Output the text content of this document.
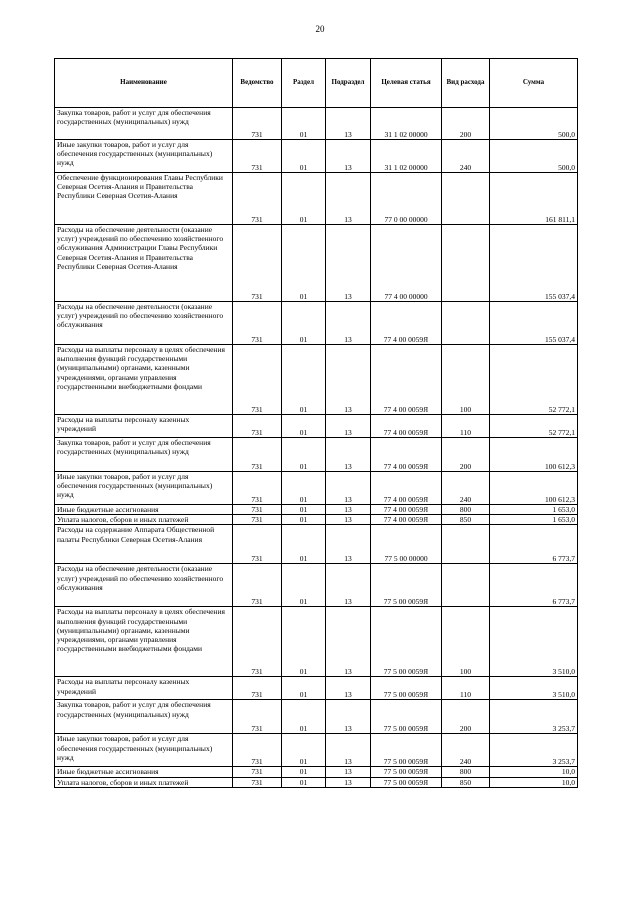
20
Наименование	Ведомство	Раздел	Подраздел	Целевая статья	Вид расхода	Сумма
Закупка товаров, работ и услуг для обеспечения государственных (муниципальных) нужд	731	01	13	31 1 02 00000	200	500,0
Иные закупки товаров, работ и услуг для обеспечения государственных (муниципальных) нужд	731	01	13	31 1 02 00000	240	500,0
Обеспечение функционирования Главы Республики Северная Осетия-Алания и Правительства Республики Северная Осетия-Алания	731	01	13	77 0 00 00000		161 811,1
Расходы на обеспечение деятельности (оказание услуг) учреждений по обеспечению хозяйственного обслуживания Администрации Главы Республики Северная Осетия-Алания и Правительства Республики Северная Осетия-Алания	731	01	13	77 4 00 00000		155 037,4
Расходы на обеспечение деятельности (оказание услуг) учреждений по обеспечению хозяйственного обслуживания	731	01	13	77 4 00 0059Я		155 037,4
Расходы на выплаты персоналу в целях обеспечения выполнения функций государственными (муниципальными) органами, казенными учреждениями, органами управления государственными внебюджетными фондами	731	01	13	77 4 00 0059Я	100	52 772,1
Расходы на выплаты персоналу казенных учреждений	731	01	13	77 4 00 0059Я	110	52 772,1
Закупка товаров, работ и услуг для обеспечения государственных (муниципальных) нужд	731	01	13	77 4 00 0059Я	200	100 612,3
Иные закупки товаров, работ и услуг для обеспечения государственных (муниципальных) нужд	731	01	13	77 4 00 0059Я	240	100 612,3
Иные бюджетные ассигнования	731	01	13	77 4 00 0059Я	800	1 653,0
Уплата налогов, сборов и иных платежей	731	01	13	77 4 00 0059Я	850	1 653,0
Расходы на содержание Аппарата Общественной палаты Республики Северная Осетия-Алания	731	01	13	77 5 00 00000		6 773,7
Расходы на обеспечение деятельности (оказание услуг) учреждений по обеспечению хозяйственного обслуживания	731	01	13	77 5 00 0059Я		6 773,7
Расходы на выплаты персоналу в целях обеспечения выполнения функций государственными (муниципальными) органами, казенными учреждениями, органами управления государственными внебюджетными фондами	731	01	13	77 5 00 0059Я	100	3 510,0
Расходы на выплаты персоналу казенных учреждений	731	01	13	77 5 00 0059Я	110	3 510,0
Закупка товаров, работ и услуг для обеспечения государственных (муниципальных) нужд	731	01	13	77 5 00 0059Я	200	3 253,7
Иные закупки товаров, работ и услуг для обеспечения государственных (муниципальных) нужд	731	01	13	77 5 00 0059Я	240	3 253,7
Иные бюджетные ассигнования	731	01	13	77 5 00 0059Я	800	10,0
Уплата налогов, сборов и иных платежей	731	01	13	77 5 00 0059Я	850	10,0
